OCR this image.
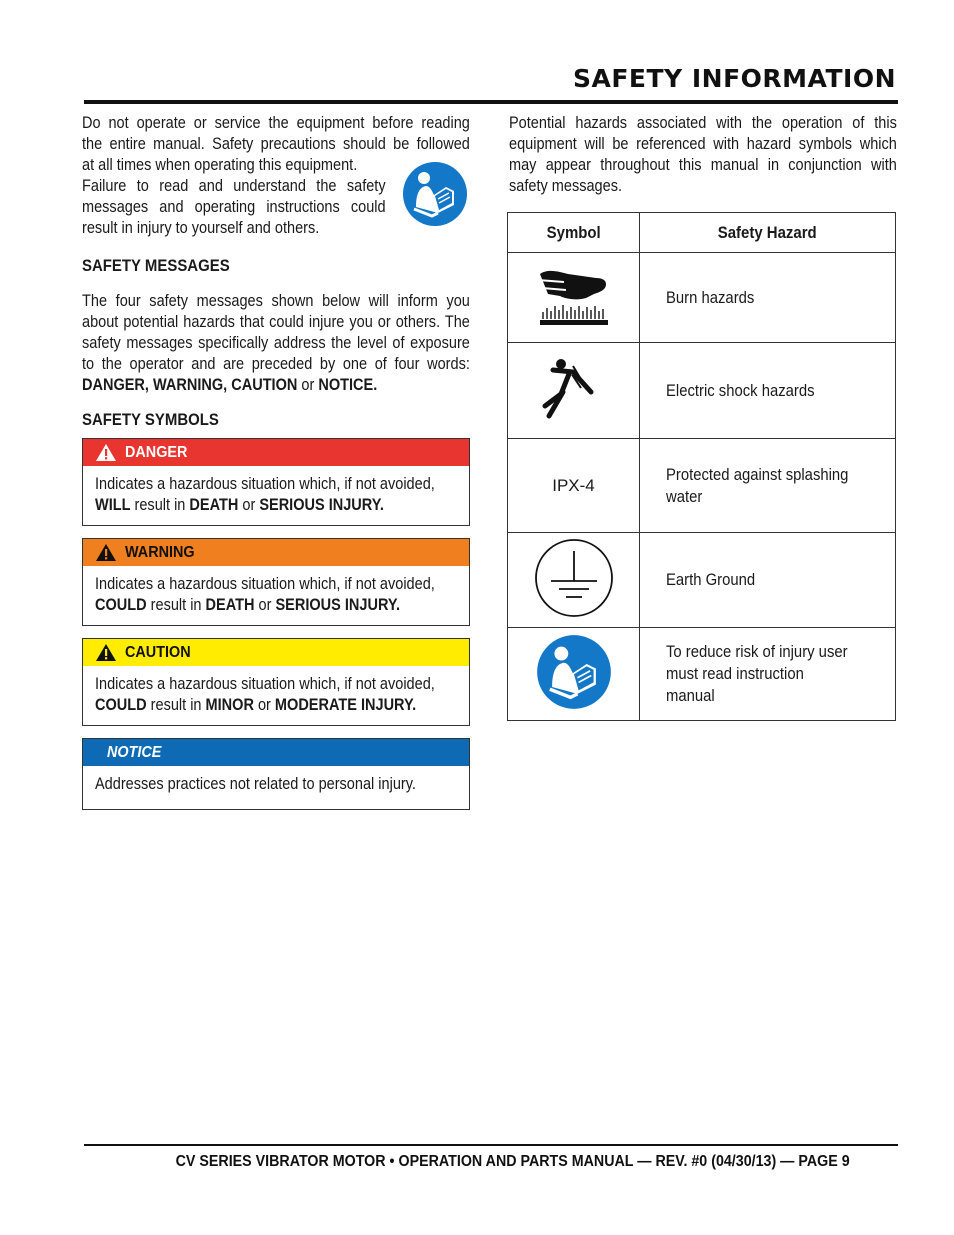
SAFETY INFORMATION
Do not operate or service the equipment before reading
the entire manual. Safety precautions should be followed
at all times when operating this equipment.
Failure to read and understand the safety
messages and operating instructions could
result in injury to yourself and others.
SAFETY MESSAGES
The four safety messages shown below will inform you about potential hazards that could injure you or others. The safety messages specifically address the level of exposure to the operator and are preceded by one of four words: DANGER, WARNING, CAUTION or NOTICE.
SAFETY SYMBOLS
DANGER
Indicates a hazardous situation which, if not avoided, WILL result in DEATH or SERIOUS INJURY.
WARNING
Indicates a hazardous situation which, if not avoided, COULD result in DEATH or SERIOUS INJURY.
CAUTION
Indicates a hazardous situation which, if not avoided, COULD result in MINOR or MODERATE INJURY.
NOTICE
Addresses practices not related to personal injury.
Potential hazards associated with the operation of this equipment will be referenced with hazard symbols which may appear throughout this manual in conjunction with safety messages.
Symbol	Safety Hazard
	Burn hazards
	Electric shock hazards
IPX-4	Protected against splashing water
	Earth Ground
	To reduce risk of injury user must read instruction manual
CV SERIES VIBRATOR MOTOR • OPERATION AND PARTS MANUAL — REV. #0 (04/30/13) — PAGE 9
